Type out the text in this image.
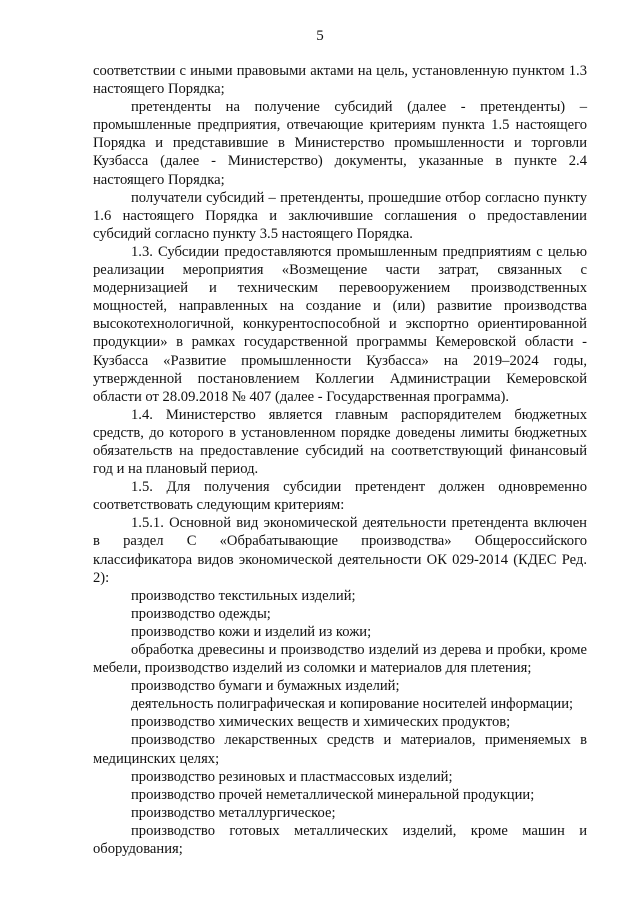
5

соответствии с иными правовыми актами на цель, установленную пунктом 1.3 настоящего Порядка;

претенденты на получение субсидий (далее - претенденты) – промышленные предприятия, отвечающие критериям пункта 1.5 настоящего Порядка и представившие в Министерство промышленности и торговли Кузбасса (далее - Министерство) документы, указанные в пункте 2.4 настоящего Порядка;

получатели субсидий – претенденты, прошедшие отбор согласно пункту 1.6 настоящего Порядка и заключившие соглашения о предоставлении субсидий согласно пункту 3.5 настоящего Порядка.

1.3. Субсидии предоставляются промышленным предприятиям с целью реализации мероприятия «Возмещение части затрат, связанных с модернизацией и техническим перевооружением производственных мощностей, направленных на создание и (или) развитие производства высокотехнологичной, конкурентоспособной и экспортно ориентированной продукции» в рамках государственной программы Кемеровской области - Кузбасса «Развитие промышленности Кузбасса» на 2019–2024 годы, утвержденной постановлением Коллегии Администрации Кемеровской области от 28.09.2018 № 407 (далее - Государственная программа).

1.4. Министерство является главным распорядителем бюджетных средств, до которого в установленном порядке доведены лимиты бюджетных обязательств на предоставление субсидий на соответствующий финансовый год и на плановый период.

1.5. Для получения субсидии претендент должен одновременно соответствовать следующим критериям:

1.5.1. Основной вид экономической деятельности претендента включен в раздел С «Обрабатывающие производства» Общероссийского классификатора видов экономической деятельности ОК 029-2014 (КДЕС Ред. 2):

производство текстильных изделий;

производство одежды;

производство кожи и изделий из кожи;

обработка древесины и производство изделий из дерева и пробки, кроме мебели, производство изделий из соломки и материалов для плетения;

производство бумаги и бумажных изделий;

деятельность полиграфическая и копирование носителей информации;

производство химических веществ и химических продуктов;

производство лекарственных средств и материалов, применяемых в медицинских целях;

производство резиновых и пластмассовых изделий;

производство прочей неметаллической минеральной продукции;

производство металлургическое;

производство готовых металлических изделий, кроме машин и оборудования;
